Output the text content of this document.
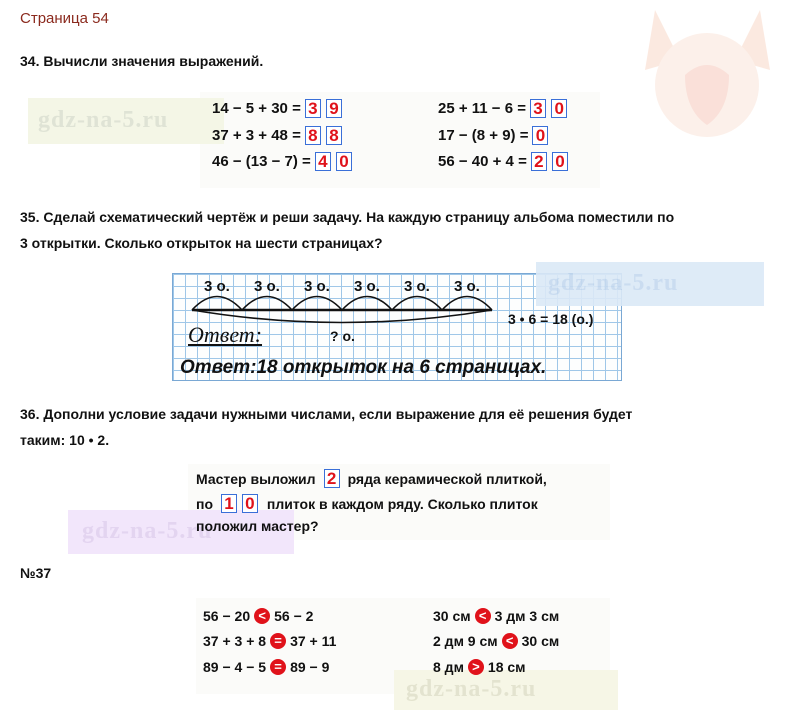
Страница 54
34. Вычисли значения выражений.
gdz-na-5.ru	14 − 5 + 30 = 3 9
37 + 3 + 48 = 8 8
46 − (13 − 7) = 4 0
25 + 11 − 6 = 3 0
17 − (8 + 9) = 0
56 − 40 + 4 = 2 0
35. Сделай схематический чертёж и реши задачу. На каждую страницу альбома поместили по
3 открытки. Сколько открыток на шести страницах?
gdz-na-5.ru
3 о. 3 о. 3 о. 3 о. 3 о. 3 о.
? о.
Ответ:
3 • 6 = 18 (о.)
Ответ:18 открыток на 6 страницах.
36. Дополни условие задачи нужными числами, если выражение для её решения будет
таким: 10 • 2.
gdz-na-5.ru
Мастер выложил 2 ряда керамической плиткой,
по 1 0 плиток в каждом ряду. Сколько плиток
положил мастер?
№37
gdz-na-5.ru
56 − 20 < 56 − 2
37 + 3 + 8 = 37 + 11
89 − 4 − 5 = 89 − 9
30 см < 3 дм 3 см
2 дм 9 см < 30 см
8 дм > 18 см
